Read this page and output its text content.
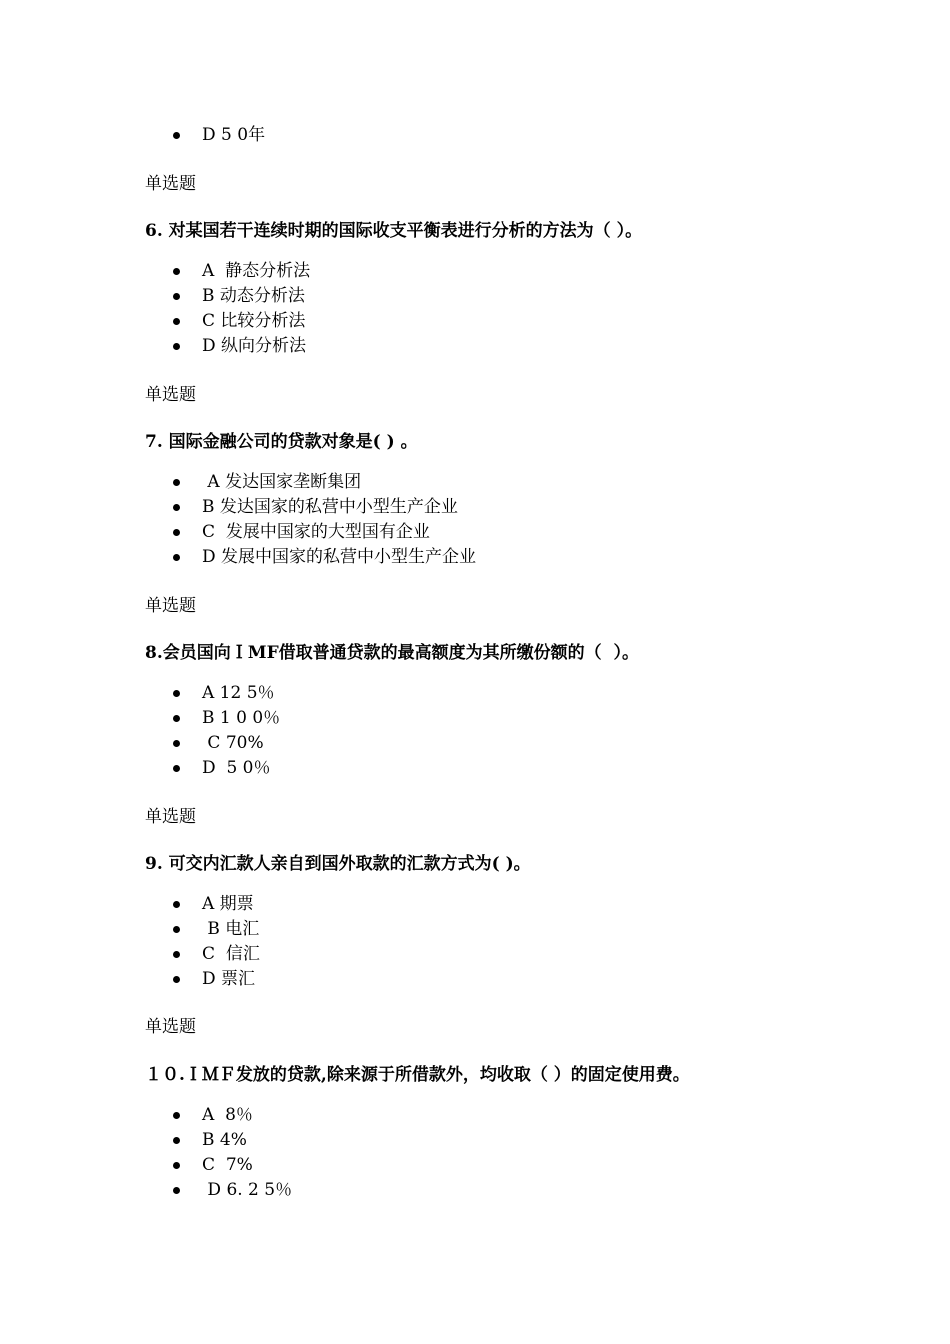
D 5 0年
单选题
6. 对某国若干连续时期的国际收支平衡表进行分析的方法为（ ）。
A  静态分析法
B 动态分析法
C 比较分析法
D 纵向分析法
单选题
7. 国际金融公司的贷款对象是( ) 。
A 发达国家垄断集团
B 发达国家的私营中小型生产企业
C  发展中国家的大型国有企业
D 发展中国家的私营中小型生产企业
单选题
8.会员国向ＩMF借取普通贷款的最高额度为其所缴份额的（  ）。
A 12 5％
B 1 0 0％
C 70%
D  5 0％
单选题
9. 可交内汇款人亲自到国外取款的汇款方式为( )。
A 期票
B 电汇
C  信汇
D 票汇
单选题
１０.ＩＭＦ发放的贷款,除来源于所借款外，均收取（ ）的固定使用费。
A  8％
B 4%
C  7%
D 6. 2 5％
